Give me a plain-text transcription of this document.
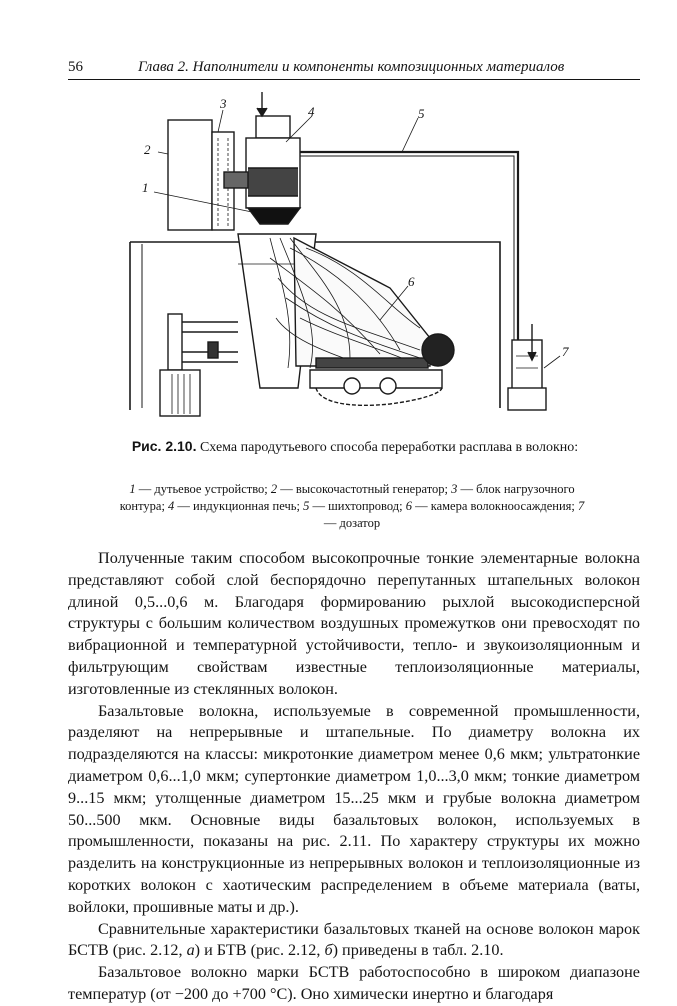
56	Глава 2. Наполнители и компоненты композиционных материалов
1
2
3
4	5
6
7
Рис. 2.10. Схема пародутьевого способа переработки расплава в волокно:
1 — дутьевое устройство; 2 — высокочастотный генератор; 3 — блок нагрузочного контура; 4 — индукционная печь; 5 — шихтопровод; 6 — камера волокноосаждения; 7 — дозатор

Полученные таким способом высокопрочные тонкие элементарные волокна представляют собой слой беспорядочно перепутанных штапельных волокон длиной 0,5...0,6 м. Благодаря формированию рыхлой высокодисперсной структуры с большим количеством воздушных промежутков они превосходят по вибрационной и температурной устойчивости, тепло- и звукоизоляционным и фильтрующим свойствам известные теплоизоляционные материалы, изготовленные из стеклянных волокон.

Базальтовые волокна, используемые в современной промышленности, разделяют на непрерывные и штапельные. По диаметру волокна их подразделяются на классы: микротонкие диаметром менее 0,6 мкм; ультратонкие диаметром 0,6...1,0 мкм; супертонкие диаметром 1,0...3,0 мкм; тонкие диаметром 9...15 мкм; утолщенные диаметром 15...25 мкм и грубые волокна диаметром 50...500 мкм. Основные виды базальтовых волокон, используемых в промышленности, показаны на рис. 2.11. По характеру структуры их можно разделить на конструкционные из непрерывных волокон и теплоизоляционные из коротких волокон с хаотическим распределением в объеме материала (ваты, войлоки, прошивные маты и др.).

Сравнительные характеристики базальтовых тканей на основе волокон марок БСТВ (рис. 2.12, а) и БТВ (рис. 2.12, б) приведены в табл. 2.10.

Базальтовое волокно марки БСТВ работоспособно в широком диапазоне температур (от −200 до +700 °С). Оно химически инертно и благодаря
